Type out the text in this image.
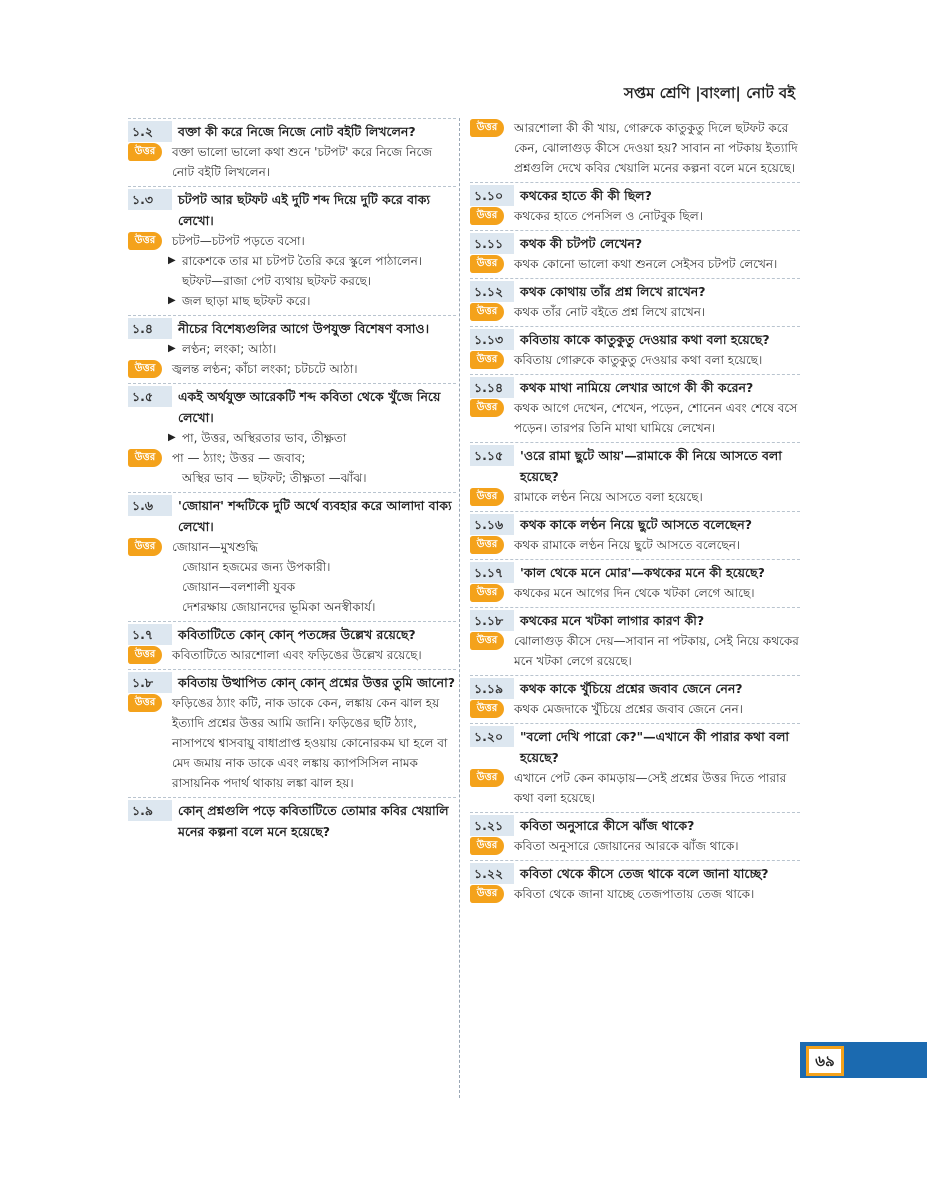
সপ্তম শ্রেণি |বাংলা| নোট বই
১.২	বক্তা কী করে নিজে নিজে নোট বইটি লিখলেন?
উত্তর	বক্তা ভালো ভালো কথা শুনে 'চটপট' করে নিজে নিজে নোট বইটি লিখলেন।
১.৩	চটপট আর ছটফট এই দুটি শব্দ দিয়ে দুটি করে বাক্য লেখো।
উত্তর	চটপট—চটপট পড়তে বসো।
▶ রাকেশকে তার মা চটপট তৈরি করে স্কুলে পাঠালেন।
ছটফট—রাজা পেট ব্যথায় ছটফট করছে।
▶ জল ছাড়া মাছ ছটফট করে।
১.৪	নীচের বিশেষ্যগুলির আগে উপযুক্ত বিশেষণ বসাও।
▶ লণ্ঠন; লংকা; আঠা।
উত্তর	জ্বলন্ত লণ্ঠন; কাঁচা লংকা; চটচটে আঠা।
১.৫	একই অর্থযুক্ত আরেকটি শব্দ কবিতা থেকে খুঁজে নিয়ে লেখো।
▶ পা, উত্তর, অস্থিরতার ভাব, তীক্ষ্ণতা
উত্তর	পা — ঠ্যাং; উত্তর — জবাব;
অস্থির ভাব — ছটফট; তীক্ষ্ণতা —ঝাঁঝ।
১.৬	'জোয়ান' শব্দটিকে দুটি অর্থে ব্যবহার করে আলাদা বাক্য লেখো।
উত্তর	জোয়ান—মুখশুদ্ধি
জোয়ান হজমের জন্য উপকারী।
জোয়ান—বলশালী যুবক
দেশরক্ষায় জোয়ানদের ভূমিকা অনস্বীকার্য।
১.৭	কবিতাটিতে কোন্ কোন্ পতঙ্গের উল্লেখ রয়েছে?
উত্তর	কবিতাটিতে আরশোলা এবং ফড়িঙের উল্লেখ রয়েছে।
১.৮	কবিতায় উত্থাপিত কোন্ কোন্ প্রশ্নের উত্তর তুমি জানো?
উত্তর	ফড়িঙের ঠ্যাং কটি, নাক ডাকে কেন, লঙ্কায় কেন ঝাল হয় ইত্যাদি প্রশ্নের উত্তর আমি জানি। ফড়িঙের ছটি ঠ্যাং, নাসাপথে শ্বাসবায়ু বাধাপ্রাপ্ত হওয়ায় কোনোরকম ঘা হলে বা মেদ জমায় নাক ডাকে এবং লঙ্কায় ক্যাপসিসিল নামক রাসায়নিক পদার্থ থাকায় লঙ্কা ঝাল হয়।
১.৯	কোন্ প্রশ্নগুলি পড়ে কবিতাটিতে তোমার কবির খেয়ালি মনের কল্পনা বলে মনে হয়েছে?
উত্তর	আরশোলা কী কী খায়, গোরুকে কাতুকুতু দিলে ছটফট করে কেন, ঝোলাগুড় কীসে দেওয়া হয়? সাবান না পটকায় ইত্যাদি প্রশ্নগুলি দেখে কবির খেয়ালি মনের কল্পনা বলে মনে হয়েছে।
১.১০	কথকের হাতে কী কী ছিল?
উত্তর	কথকের হাতে পেনসিল ও নোটবুক ছিল।
১.১১	কথক কী চটপট লেখেন?
উত্তর	কথক কোনো ভালো কথা শুনলে সেইসব চটপট লেখেন।
১.১২	কথক কোথায় তাঁর প্রশ্ন লিখে রাখেন?
উত্তর	কথক তাঁর নোট বইতে প্রশ্ন লিখে রাখেন।
১.১৩	কবিতায় কাকে কাতুকুতু দেওয়ার কথা বলা হয়েছে?
উত্তর	কবিতায় গোরুকে কাতুকুতু দেওয়ার কথা বলা হয়েছে।
১.১৪	কথক মাথা নামিয়ে লেখার আগে কী কী করেন?
উত্তর	কথক আগে দেখেন, শেখেন, পড়েন, শোনেন এবং শেষে বসে পড়েন। তারপর তিনি মাথা ঘামিয়ে লেখেন।
১.১৫	'ওরে রামা ছুটে আয়'—রামাকে কী নিয়ে আসতে বলা হয়েছে?
উত্তর	রামাকে লণ্ঠন নিয়ে আসতে বলা হয়েছে।
১.১৬	কথক কাকে লণ্ঠন নিয়ে ছুটে আসতে বলেছেন?
উত্তর	কথক রামাকে লণ্ঠন নিয়ে ছুটে আসতে বলেছেন।
১.১৭	'কাল থেকে মনে মোর'—কথকের মনে কী হয়েছে?
উত্তর	কথকের মনে আগের দিন থেকে খটকা লেগে আছে।
১.১৮	কথকের মনে খটকা লাগার কারণ কী?
উত্তর	ঝোলাগুড় কীসে দেয়—সাবান না পটকায়, সেই নিয়ে কথকের মনে খটকা লেগে রয়েছে।
১.১৯	কথক কাকে খুঁচিয়ে প্রশ্নের জবাব জেনে নেন?
উত্তর	কথক মেজদাকে খুঁচিয়ে প্রশ্নের জবাব জেনে নেন।
১.২০	"বলো দেখি পারো কে?"—এখানে কী পারার কথা বলা হয়েছে?
উত্তর	এখানে পেট কেন কামড়ায়—সেই প্রশ্নের উত্তর দিতে পারার কথা বলা হয়েছে।
১.২১	কবিতা অনুসারে কীসে ঝাঁজ থাকে?
উত্তর	কবিতা অনুসারে জোয়ানের আরকে ঝাঁজ থাকে।
১.২২	কবিতা থেকে কীসে তেজ থাকে বলে জানা যাচ্ছে?
উত্তর	কবিতা থেকে জানা যাচ্ছে তেজপাতায় তেজ থাকে।
৬৯
